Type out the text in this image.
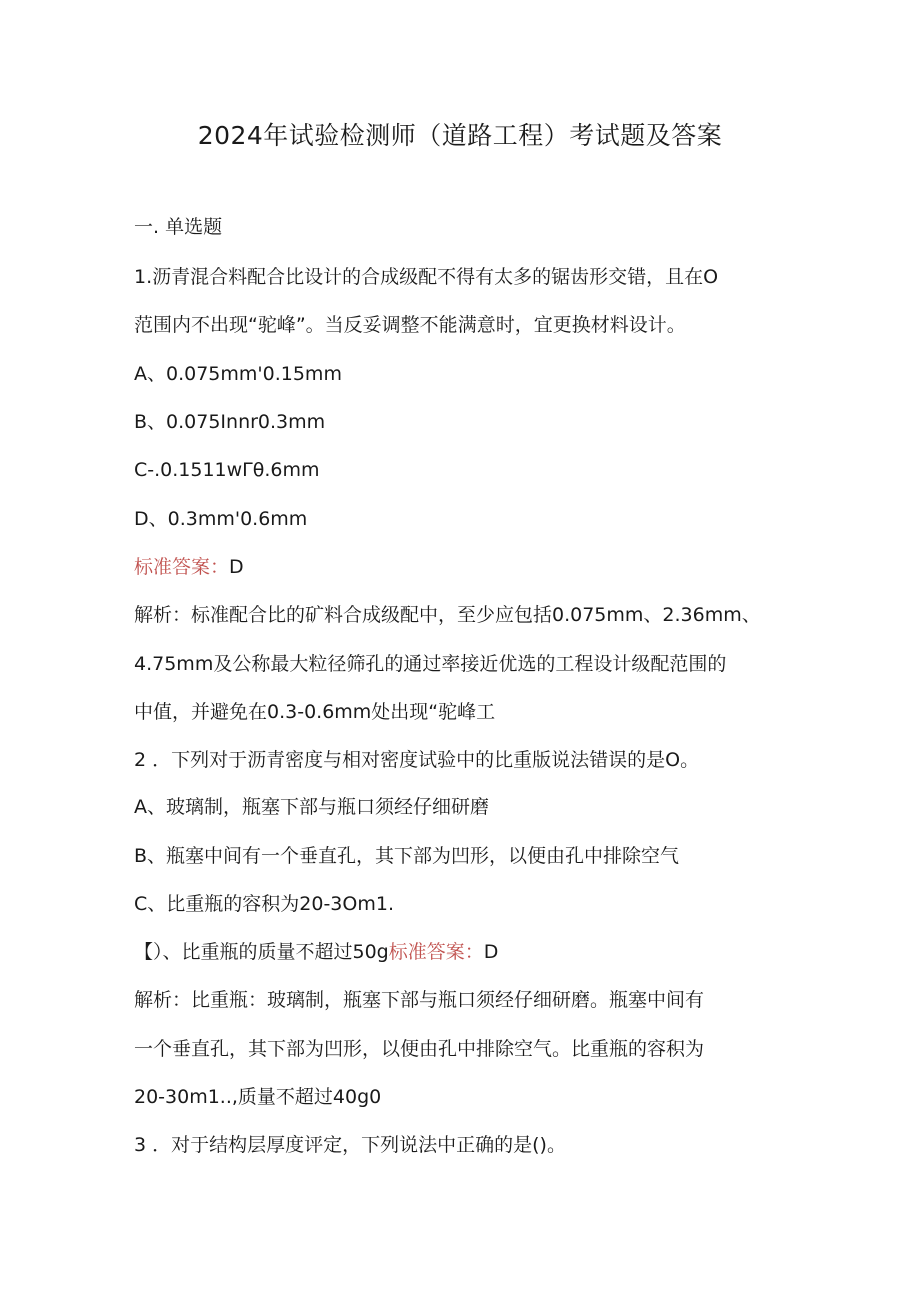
2024年试验检测师（道路工程）考试题及答案
一. 单选题
1.沥青混合料配合比设计的合成级配不得有太多的锯齿形交错，且在O
范围内不出现“驼峰”。当反妥调整不能满意时，宜更换材料设计。
A、0.075mm'0.15mm
B、0.075Innr0.3mm
C-.0.1511wΓθ.6mm
D、0.3mm'0.6mm
标准答案：D
解析：标准配合比的矿料合成级配中，至少应包括0.075mm、2.36mm、
4.75mm及公称最大粒径筛孔的通过率接近优选的工程设计级配范围的
中值，并避免在0.3-0.6mm处出现“驼峰工
2 ．下列对于沥青密度与相对密度试验中的比重版说法错误的是O。
A、玻璃制，瓶塞下部与瓶口须经仔细研磨
B、瓶塞中间有一个垂直孔，其下部为凹形，以便由孔中排除空气
C、比重瓶的容积为20-3Om1.
【）、比重瓶的质量不超过50g标准答案：D
解析：比重瓶：玻璃制，瓶塞下部与瓶口须经仔细研磨。瓶塞中间有
一个垂直孔，其下部为凹形，以便由孔中排除空气。比重瓶的容积为
20-30m1..,质量不超过40g0
3 ．对于结构层厚度评定，下列说法中正确的是()。
